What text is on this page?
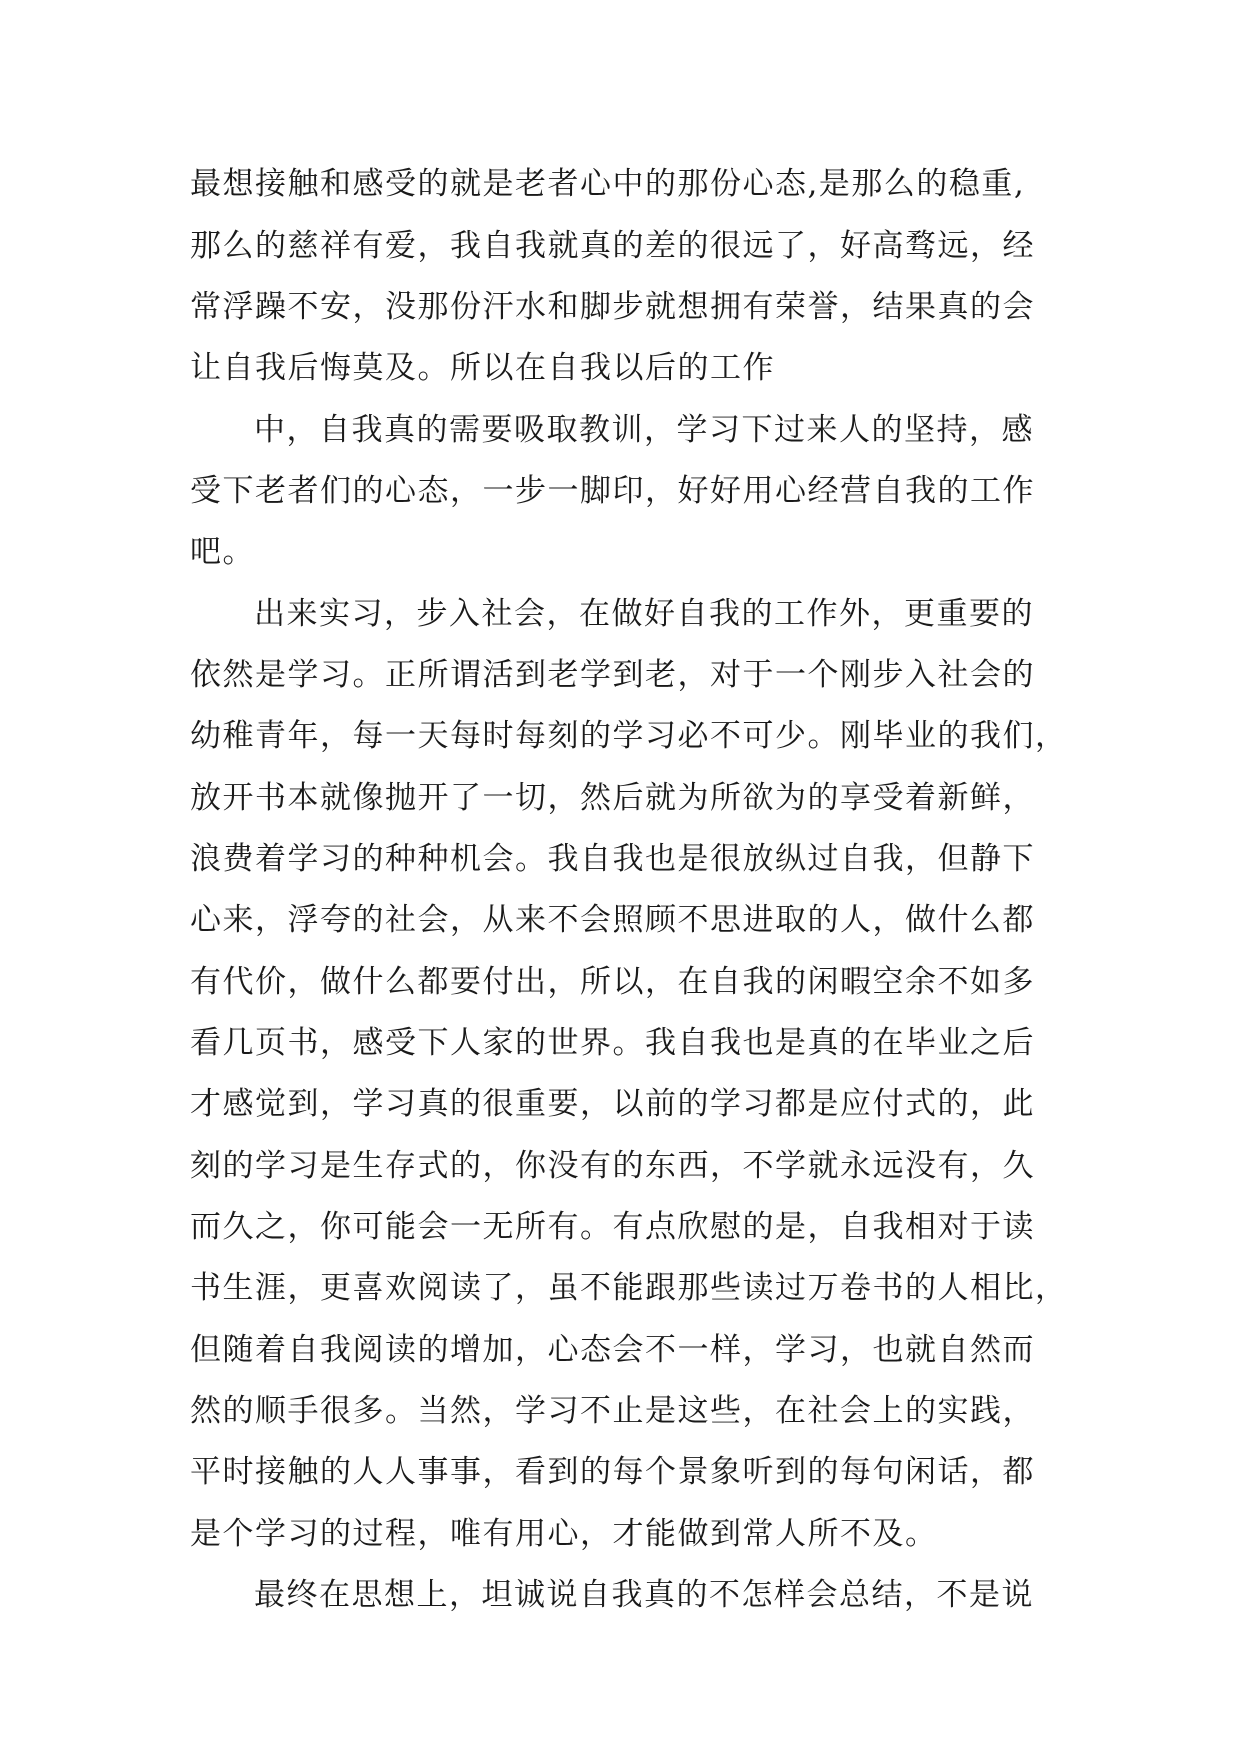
最想接触和感受的就是老者心中的那份心态,是那么的稳重,
那么的慈祥有爱，我自我就真的差的很远了，好高骛远，经
常浮躁不安，没那份汗水和脚步就想拥有荣誉，结果真的会
让自我后悔莫及。所以在自我以后的工作
中，自我真的需要吸取教训，学习下过来人的坚持，感
受下老者们的心态，一步一脚印，好好用心经营自我的工作
吧。
出来实习，步入社会，在做好自我的工作外，更重要的
依然是学习。正所谓活到老学到老，对于一个刚步入社会的
幼稚青年，每一天每时每刻的学习必不可少。刚毕业的我们，
放开书本就像抛开了一切，然后就为所欲为的享受着新鲜，
浪费着学习的种种机会。我自我也是很放纵过自我，但静下
心来，浮夸的社会，从来不会照顾不思进取的人，做什么都
有代价，做什么都要付出，所以，在自我的闲暇空余不如多
看几页书，感受下人家的世界。我自我也是真的在毕业之后
才感觉到，学习真的很重要，以前的学习都是应付式的，此
刻的学习是生存式的，你没有的东西，不学就永远没有，久
而久之，你可能会一无所有。有点欣慰的是，自我相对于读
书生涯，更喜欢阅读了，虽不能跟那些读过万卷书的人相比，
但随着自我阅读的增加，心态会不一样，学习，也就自然而
然的顺手很多。当然，学习不止是这些，在社会上的实践，
平时接触的人人事事，看到的每个景象听到的每句闲话，都
是个学习的过程，唯有用心，才能做到常人所不及。
最终在思想上，坦诚说自我真的不怎样会总结，不是说
